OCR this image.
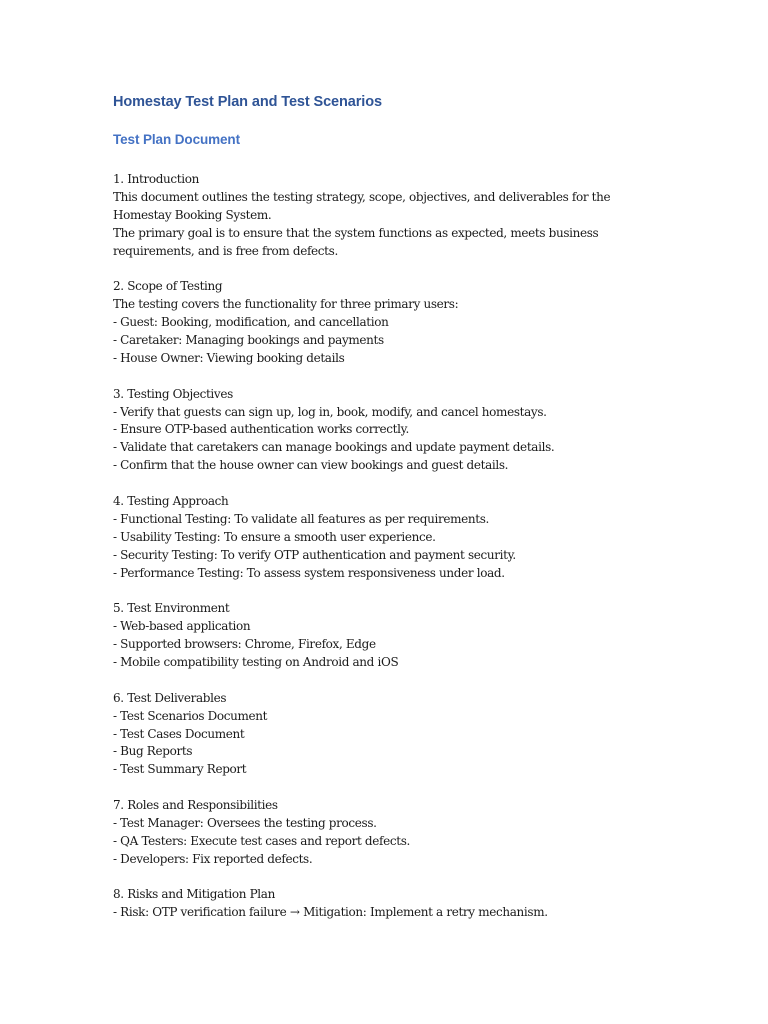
Homestay Test Plan and Test Scenarios
Test Plan Document
1. Introduction
This document outlines the testing strategy, scope, objectives, and deliverables for the
Homestay Booking System.
The primary goal is to ensure that the system functions as expected, meets business
requirements, and is free from defects.
2. Scope of Testing
The testing covers the functionality for three primary users:
- Guest: Booking, modification, and cancellation
- Caretaker: Managing bookings and payments
- House Owner: Viewing booking details
3. Testing Objectives
- Verify that guests can sign up, log in, book, modify, and cancel homestays.
- Ensure OTP-based authentication works correctly.
- Validate that caretakers can manage bookings and update payment details.
- Confirm that the house owner can view bookings and guest details.
4. Testing Approach
- Functional Testing: To validate all features as per requirements.
- Usability Testing: To ensure a smooth user experience.
- Security Testing: To verify OTP authentication and payment security.
- Performance Testing: To assess system responsiveness under load.
5. Test Environment
- Web-based application
- Supported browsers: Chrome, Firefox, Edge
- Mobile compatibility testing on Android and iOS
6. Test Deliverables
- Test Scenarios Document
- Test Cases Document
- Bug Reports
- Test Summary Report
7. Roles and Responsibilities
- Test Manager: Oversees the testing process.
- QA Testers: Execute test cases and report defects.
- Developers: Fix reported defects.
8. Risks and Mitigation Plan
- Risk: OTP verification failure → Mitigation: Implement a retry mechanism.
